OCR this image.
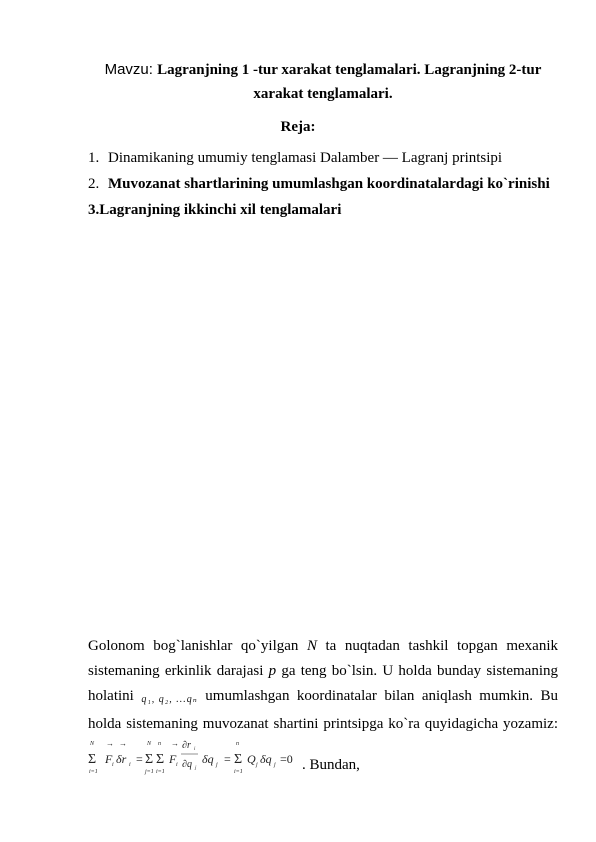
Mavzu: Lagranjning 1 -tur xarakat tenglamalari. Lagranjning 2-tur xarakat tenglamalari.
Reja:
1. Dinamikaning umumiy tenglamasi Dalamber — Lagranj printsipi
2. Muvozanat shartlarining umumlashgan koordinatalardagi ko`rinishi
3.Lagranjning ikkinchi xil tenglamalari

Golonom bog`lanishlar qo`yilgan N ta nuqtadan tashkil topgan mexanik sistemaning erkinlik darajasi p ga teng bo`lsin. U holda bunday sistemaning holatini q₁, q₂, ...qₙ umumlashgan koordinatalar bilan aniqlash mumkin. Bu holda sistemaning muvozanat shartini printsipga ko`ra quyidagicha yozamiz:
N
Σ
i=1
→
F i
→
δr i =
N
Σ
j=1
n
Σ
i=1
→
F i
∂r i
∂q j
δq j =
n
Σ
i=1
Q j δq j =0 . Bundan,
